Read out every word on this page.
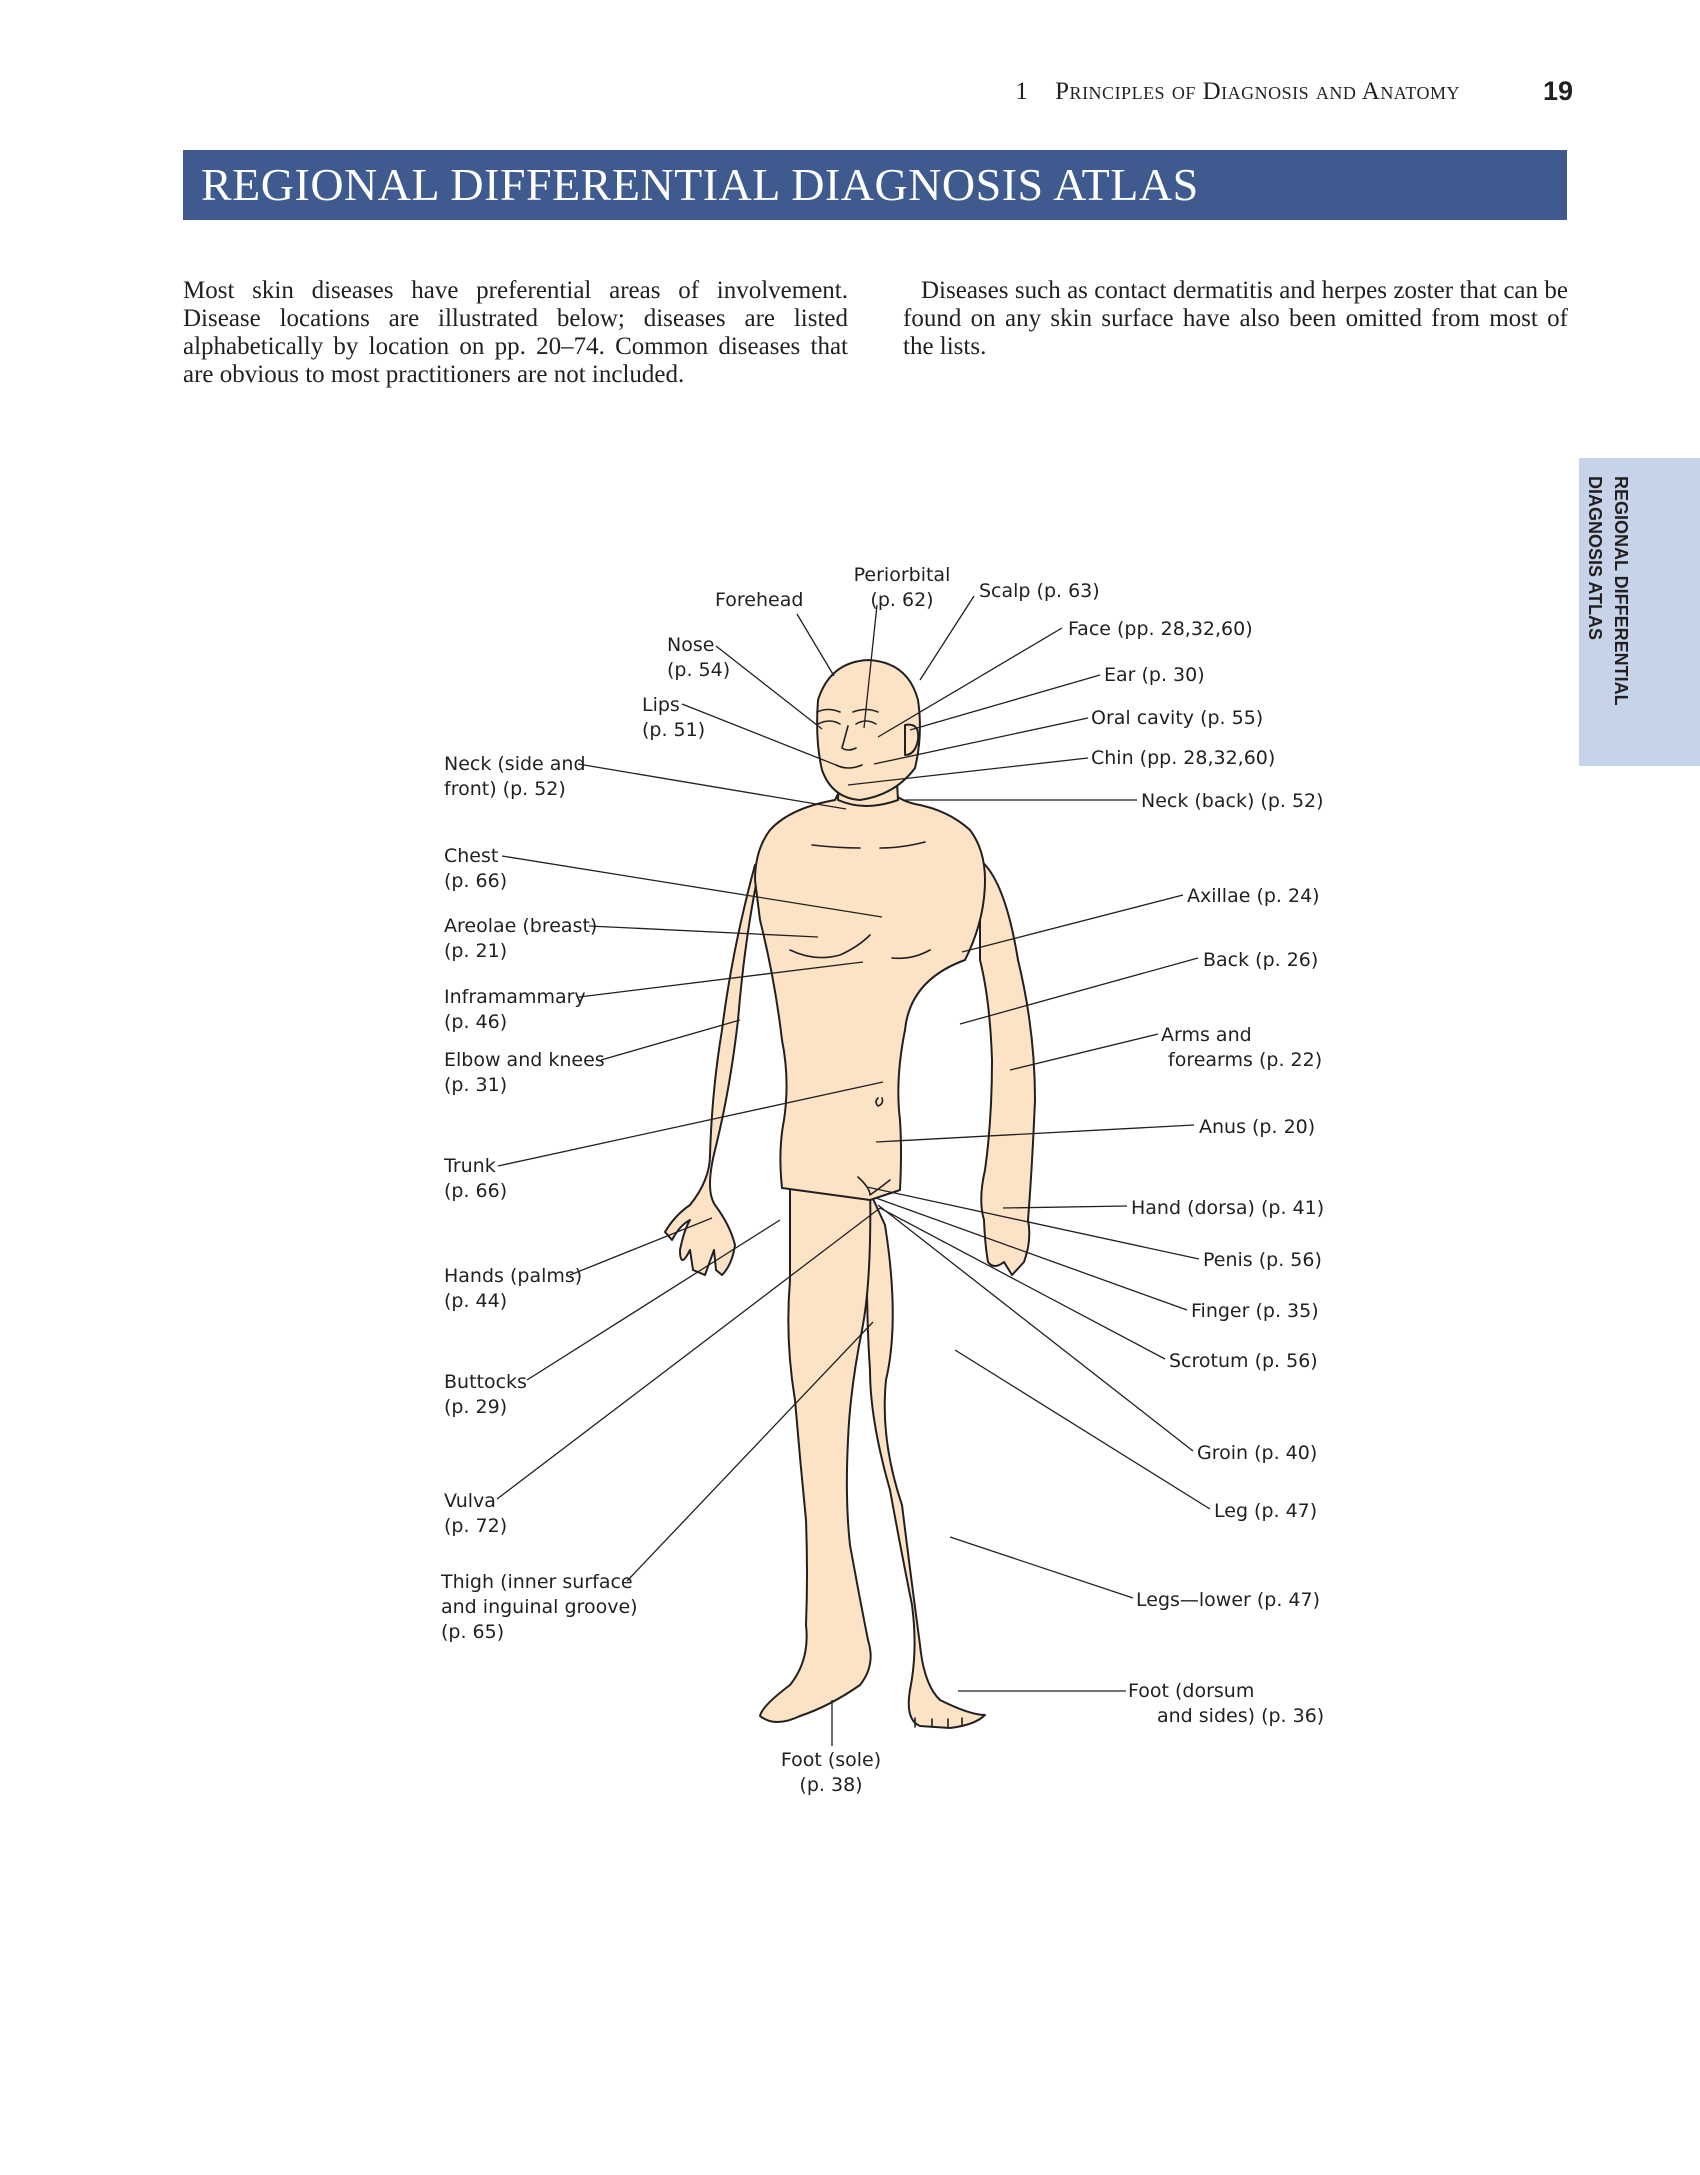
1 Principles of Diagnosis and Anatomy	19
REGIONAL DIFFERENTIAL DIAGNOSIS ATLAS

Most skin diseases have preferential areas of involvement. Disease locations are illustrated below; diseases are listed alphabetically by location on pp. 20–74. Common diseases that are obvious to most practitioners are not included.

Diseases such as contact dermatitis and herpes zoster that can be found on any skin surface have also been omitted from most of the lists.

REGIONAL DIFFERENTIAL
DIAGNOSIS ATLAS
Forehead
Periorbital (p. 62)	Scalp (p. 63)
Face (pp. 28,32,60)
Nose (p. 54)	Ear (p. 30)
Lips (p. 51)
Oral cavity (p. 55)
Neck (side and front) (p. 52)
Chin (pp. 28,32,60)
Neck (back) (p. 52)
Chest (p. 66)
Axillae (p. 24)
Areolae (breast) (p. 21)	Back (p. 26)
Inframammary (p. 46)
Arms and forearms (p. 22)
Elbow and knees (p. 31)
Anus (p. 20)
Trunk (p. 66)
Hand (dorsa) (p. 41)
Penis (p. 56)
Hands (palms) (p. 44)	Finger (p. 35)
Scrotum (p. 56)
Buttocks (p. 29)
Groin (p. 40)
Leg (p. 47)
Vulva (p. 72)
Thigh (inner surface and inguinal groove) (p. 65)
Legs—lower (p. 47)
Foot (dorsum and sides) (p. 36)
Foot (sole) (p. 38)
